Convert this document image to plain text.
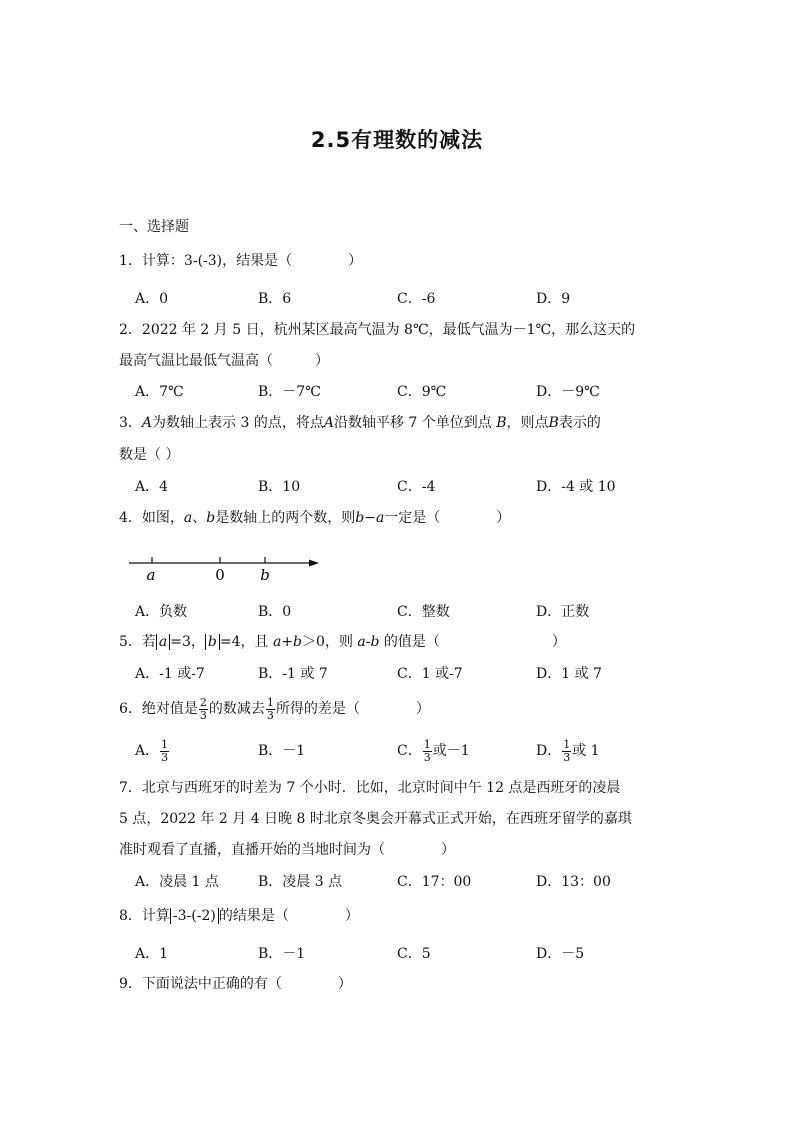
2.5有理数的减法
一、选择题
1．计算：3-(-3)，结果是（　　　　）
A．0	B．6	C．-6	D．9
2．2022 年 2 月 5 日，杭州某区最高气温为 8℃，最低气温为－1℃，那么这天的
最高气温比最低气温高（　　　）
A．7℃	B．－7℃	C．9℃	D．－9℃
3．A为数轴上表示 3 的点，将点A沿数轴平移 7 个单位到点 B，则点B表示的
数是（ ）
A．4	B．10	C．-4	D．-4 或 10
4．如图，a、b是数轴上的两个数，则b−a一定是（　　　　）
a	0 b
A．负数	B．0	C．整数	D．正数
5．若 a =3， b =4，且 a+b＞0，则 a-b 的值是（　　　　　　　　）
A．-1 或-7	B．-1 或 7	C．1 或-7	D．1 或 7
6．绝对值是 $\frac{2}{3}$ 的数减去 $\frac{1}{3}$ 所得的差是（　　　　）
A． $\frac{1}{3}$	B．－1	C． $\frac{1}{3}$ 或－1	D． $\frac{1}{3}$ 或 1
7．北京与西班牙的时差为 7 个小时．比如，北京时间中午 12 点是西班牙的凌晨
5 点，2022 年 2 月 4 日晚 8 时北京冬奥会开幕式正式开始，在西班牙留学的嘉琪
准时观看了直播，直播开始的当地时间为（　　　　）
A．凌晨 1 点	B．凌晨 3 点	C．17：00	D．13：00
8．计算 -3-(-2) 的结果是（　　　　）
A．1	B．－1	C．5	D．－5
9．下面说法中正确的有（　　　　）
